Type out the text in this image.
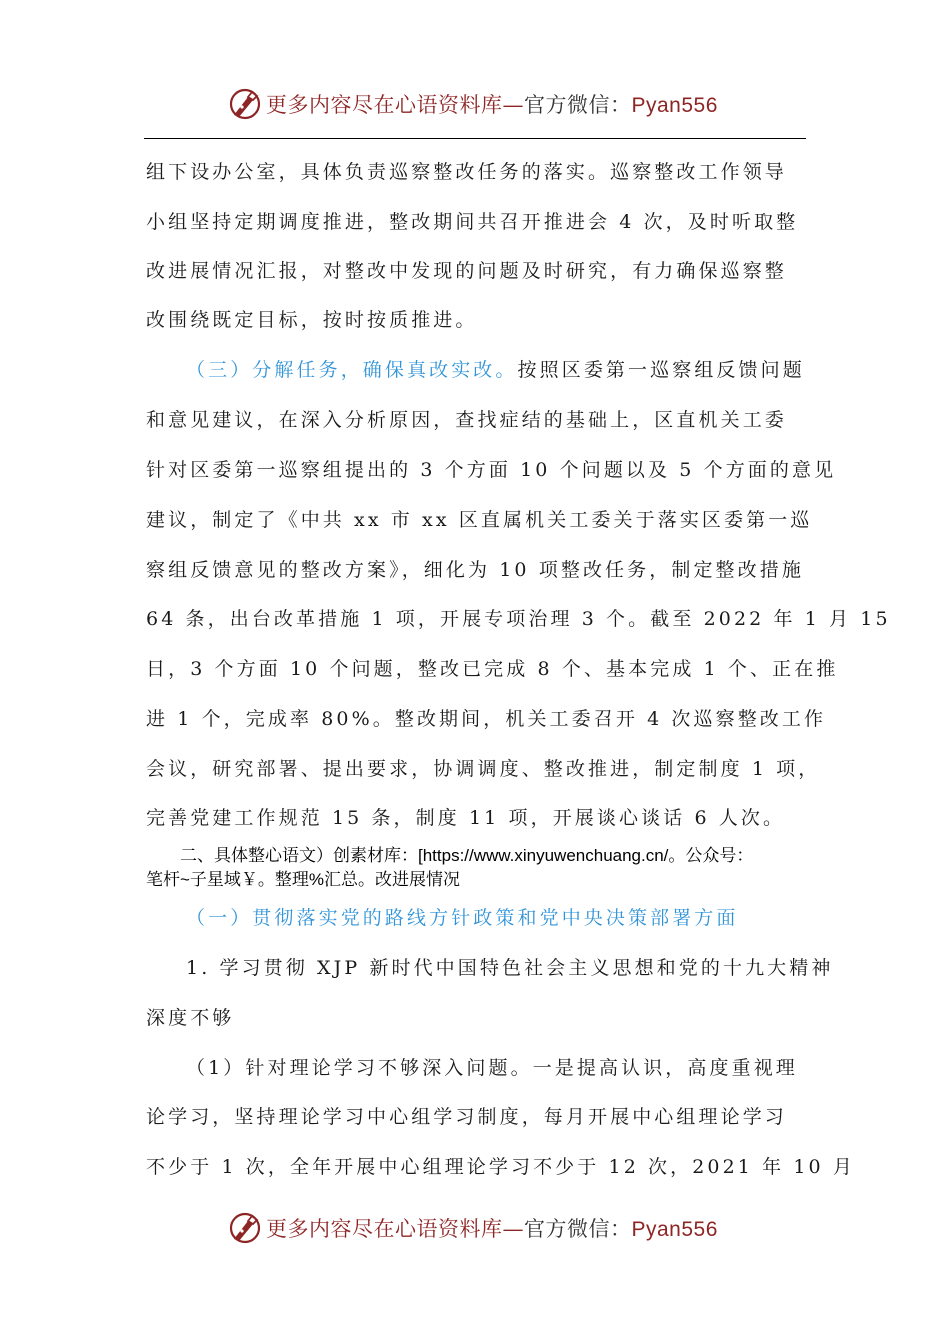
更多内容尽在心语资料库—官方微信：Pyan556
组下设办公室，具体负责巡察整改任务的落实。巡察整改工作领导
小组坚持定期调度推进，整改期间共召开推进会 4 次，及时听取整
改进展情况汇报，对整改中发现的问题及时研究，有力确保巡察整
改围绕既定目标，按时按质推进。
（三）分解任务，确保真改实改。按照区委第一巡察组反馈问题
和意见建议，在深入分析原因，查找症结的基础上，区直机关工委
针对区委第一巡察组提出的 3 个方面 10 个问题以及 5 个方面的意见
建议，制定了《中共 xx 市 xx 区直属机关工委关于落实区委第一巡
察组反馈意见的整改方案》，细化为 10 项整改任务，制定整改措施
64 条，出台改革措施 1 项，开展专项治理 3 个。截至 2022 年 1 月 15
日，3 个方面 10 个问题，整改已完成 8 个、基本完成 1 个、正在推
进 1 个，完成率 80%。整改期间，机关工委召开 4 次巡察整改工作
会议，研究部署、提出要求，协调调度、整改推进，制定制度 1 项，
完善党建工作规范 15 条，制度 11 项，开展谈心谈话 6 人次。
二、具体整心语文）创素材库：[https://www.xinyuwenchuang.cn/。公众号：
笔杆~子星域￥。整理%汇总。改进展情况
（一）贯彻落实党的路线方针政策和党中央决策部署方面
1. 学习贯彻 XJP 新时代中国特色社会主义思想和党的十九大精神
深度不够
（1）针对理论学习不够深入问题。一是提高认识，高度重视理
论学习，坚持理论学习中心组学习制度，每月开展中心组理论学习
不少于 1 次，全年开展中心组理论学习不少于 12 次，2021 年 10 月
更多内容尽在心语资料库—官方微信：Pyan556
